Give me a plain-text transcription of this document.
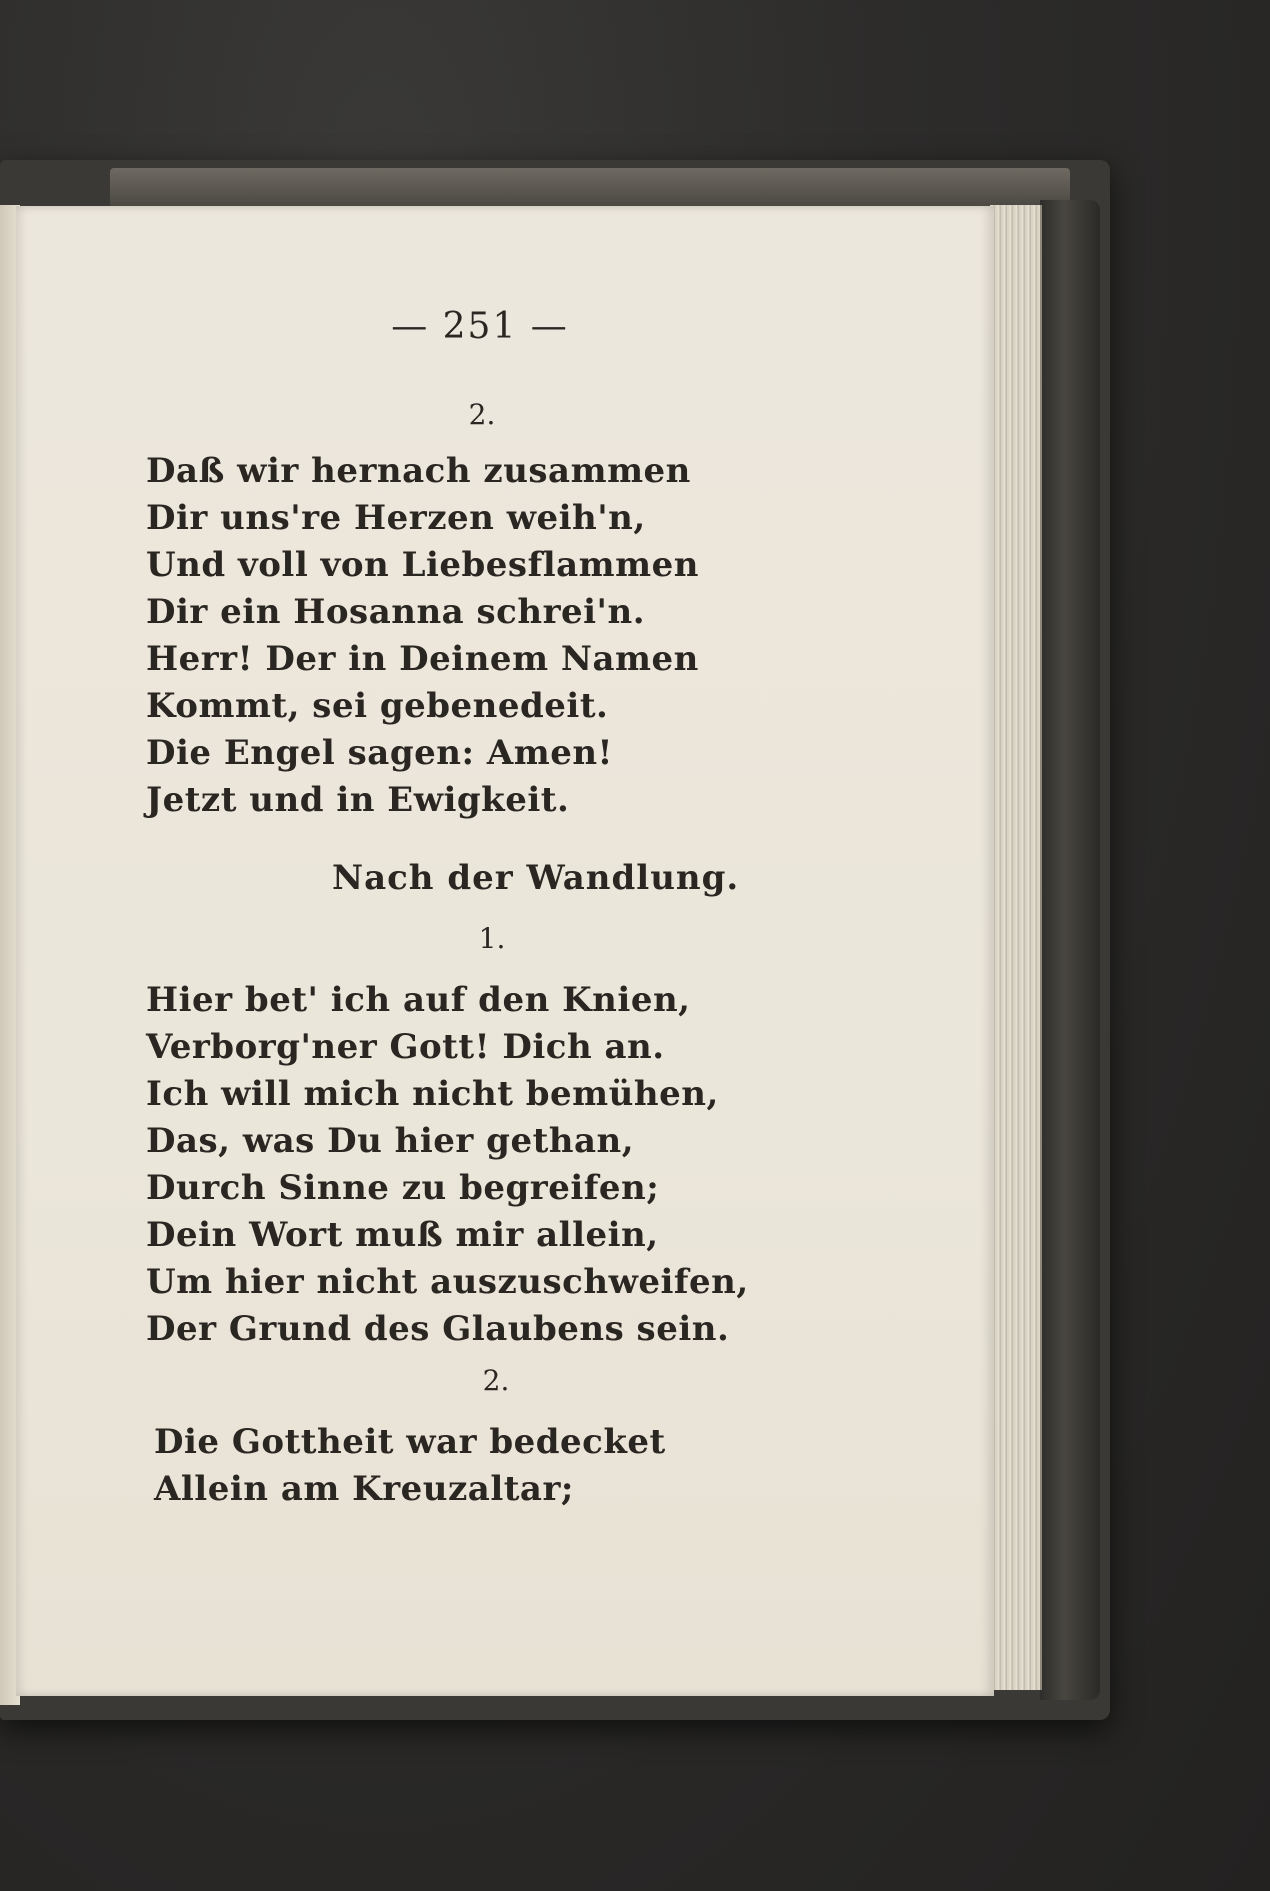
— 251 —
2.
Daß wir hernach zusammen
Dir uns're Herzen weih'n,
Und voll von Liebesflammen
Dir ein Hosanna schrei'n.
Herr! Der in Deinem Namen
Kommt, sei gebenedeit.
Die Engel sagen: Amen!
Jetzt und in Ewigkeit.
Nach der Wandlung.
1.
Hier bet' ich auf den Knien,
Verborg'ner Gott! Dich an.
Ich will mich nicht bemühen,
Das, was Du hier gethan,
Durch Sinne zu begreifen;
Dein Wort muß mir allein,
Um hier nicht auszuschweifen,
Der Grund des Glaubens sein.
2.
Die Gottheit war bedecket
Allein am Kreuzaltar;
